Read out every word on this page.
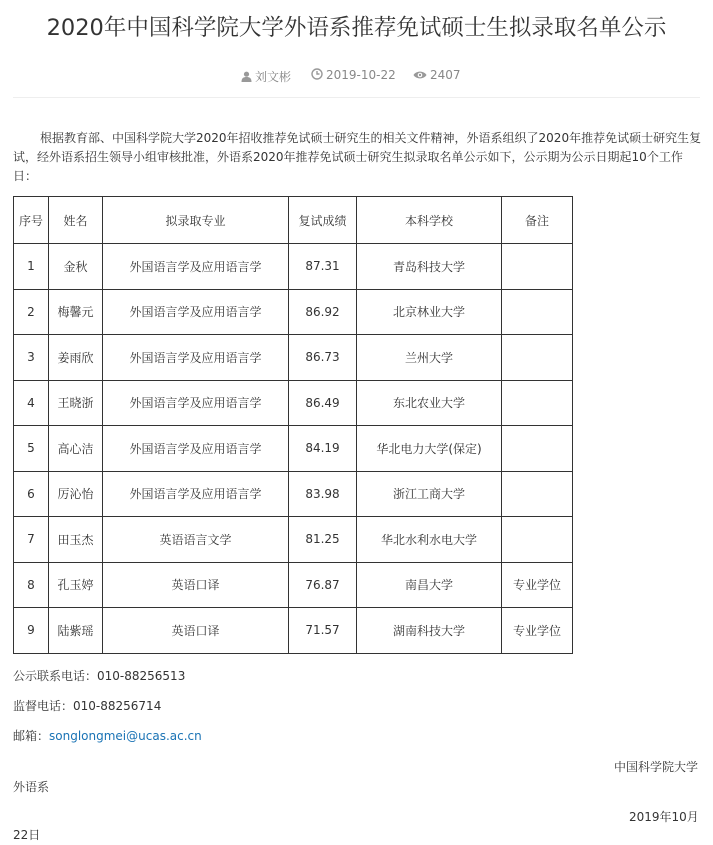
2020年中国科学院大学外语系推荐免试硕士生拟录取名单公示
刘文彬	2019-10-22	2407
根据教育部、中国科学院大学2020年招收推荐免试硕士研究生的相关文件精神，外语系组织了2020年推荐免试硕士研究生复试，经外语系招生领导小组审核批准，外语系2020年推荐免试硕士研究生拟录取名单公示如下，公示期为公示日期起10个工作日：
序号	姓名	拟录取专业	复试成绩	本科学校	备注
1	金秋	外国语言学及应用语言学	87.31	青岛科技大学	
2	梅馨元	外国语言学及应用语言学	86.92	北京林业大学	
3	姜雨欣	外国语言学及应用语言学	86.73	兰州大学	
4	王晓浙	外国语言学及应用语言学	86.49	东北农业大学	
5	高心洁	外国语言学及应用语言学	84.19	华北电力大学(保定)	
6	厉沁怡	外国语言学及应用语言学	83.98	浙江工商大学	
7	田玉杰	英语语言文学	81.25	华北水利水电大学	
8	孔玉婷	英语口译	76.87	南昌大学	专业学位
9	陆紫瑶	英语口译	71.57	湖南科技大学	专业学位
公示联系电话：010-88256513
监督电话：010-88256714
邮箱：songlongmei@ucas.ac.cn
中国科学院大学
外语系
2019年10月
22日
